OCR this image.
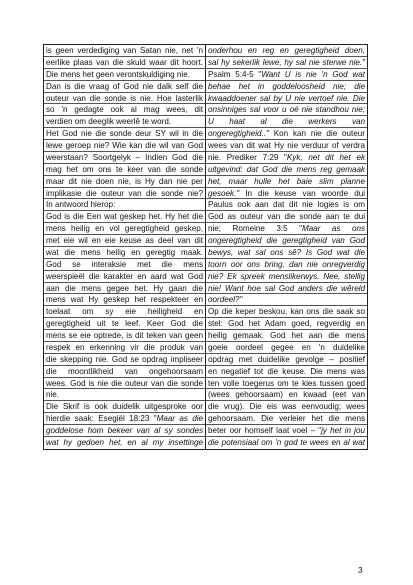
is geen verdediging van Satan nie, net 'n
eerlike plaas van die skuld waar dit hoort.
Die mens het geen verontskuldiging nie.
Dan is die vraag of God nie dalk self die
outeur van die sonde is nie. Hoe lasterlik
so 'n gedagte ook al mag wees, dit
verdien om deeglik weerlê te word.
Het God nie die sonde deur SY wil in die
lewe geroep nie? Wie kan die wil van God
weerstaan? Soortgelyk – Indien God die
mag het om ons te keer van die sonde
maar dit nie doen nie, is Hy dan nie per
implikasie die outeur van die sonde nie?
In antwoord hierop:
God is die Een wat geskep het. Hy het die
mens heilig en vol geregtigheid geskep,
met eie wil en eie keuse as deel van dit
wat die mens heilig en geregtig maak.
God se interaksie met die mens
weerspieël die karakter en aard wat God
aan die mens gegee het. Hy gaan die
mens wat Hy geskep het respekteer en
toelaat om sy eie heiligheid en
geregtigheid uit te leef. Keer God die
mens se eie optrede, is dit teken van geen
respek en erkenning vir die produk van
die skepping nie. God se opdrag impliseer
die moontlikheid van ongehoorsaam
wees. God is nie die outeur van die sonde
nie.
Die Skrif is ook duidelik uitgesproke oor
hierdie saak: Esegiël 18:23 "Maar as die
goddelose hom bekeer van al sy sondes
wat hy gedoen het, en al my insettinge
onderhou en reg en geregtigheid doen,
sal hy sekerlik lewe, hy sal nie sterwe nie."
Psalm 5:4-5 "Want U is nie 'n God wat
behae het in goddeloosheid nie; die
kwaaddoener sal by U nie vertoef nie. Die
onsinniges sal voor u oë nie standhou nie;
U haat al die werkers van
ongeregtigheid.." Kon kan nie die outeur
wees van dit wat Hy nie verduur of verdra
nie. Prediker 7:29 "Kyk, net dit het ek
uitgevind: dat God die mens reg gemaak
het, maar hulle het baie slim planne
gesoek." In die keuse van woorde dui
Paulus ook aan dat dit nie logies is om
God as outeur van die sonde aan te dui
nie; Romeine 3:5 "Maar as ons
ongeregtigheid die geregtigheid van God
bewys, wat sal ons sê? Is God wat die
toorn oor ons bring, dan nie onregverdig
nie? Ek spreek menslikerwys. Nee, stellig
nie! Want hoe sal God anders die wêreld
oordeel?"
Op die keper beskou, kan ons die saak so
stel: God het Adam goed, regverdig en
heilig gemaak. God het aan die mens
goeie oordeel gegee en 'n duidelike
opdrag met duidelike gevolge – positief
en negatief tot die keuse. Die mens was
ten volle toegerus om te kies tussen goed
(wees gehoorsaam) en kwaad (eet van
die vrug). Die eis was eenvoudig; wees
gehoorsaam. Die verleier het die mens
beter oor homself laat voel – "jy het in jou
die potensiaal om 'n god te wees en al wat
3
